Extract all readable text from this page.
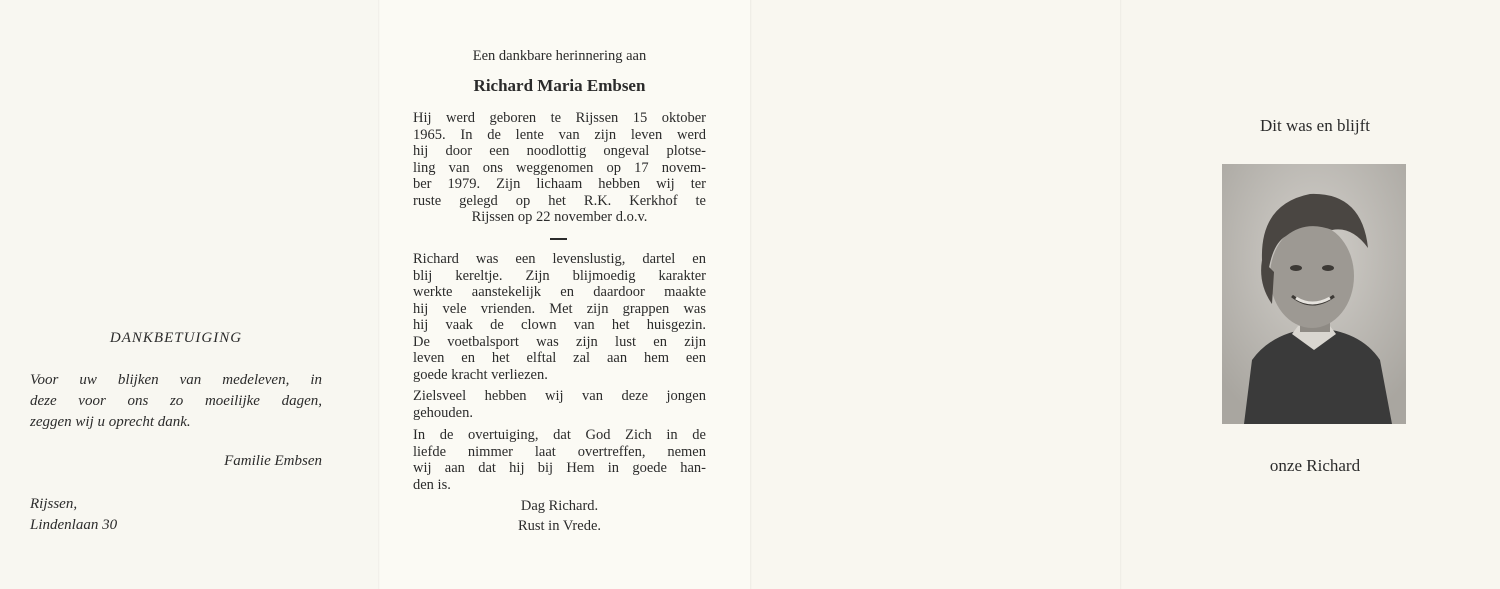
DANKBETUIGING
Voor uw blijken van medeleven, in
deze voor ons zo moeilijke dagen,
zeggen wij u oprecht dank.
Familie Embsen
Rijssen,
Lindenlaan 30
Een dankbare herinnering aan
Richard Maria Embsen
Hij werd geboren te Rijssen 15 oktober
1965. In de lente van zijn leven werd
hij door een noodlottig ongeval plotse-
ling van ons weggenomen op 17 novem-
ber 1979. Zijn lichaam hebben wij ter
ruste gelegd op het R.K. Kerkhof te
Rijssen op 22 november d.o.v.
Richard was een levenslustig, dartel en
blij kereltje. Zijn blijmoedig karakter
werkte aanstekelijk en daardoor maakte
hij vele vrienden. Met zijn grappen was
hij vaak de clown van het huisgezin.
De voetbalsport was zijn lust en zijn
leven en het elftal zal aan hem een
goede kracht verliezen.
Zielsveel hebben wij van deze jongen
gehouden.
In de overtuiging, dat God Zich in de
liefde nimmer laat overtreffen, nemen
wij aan dat hij bij Hem in goede han-
den is.
Dag Richard.
Rust in Vrede.
Dit was en blijft
onze Richard
